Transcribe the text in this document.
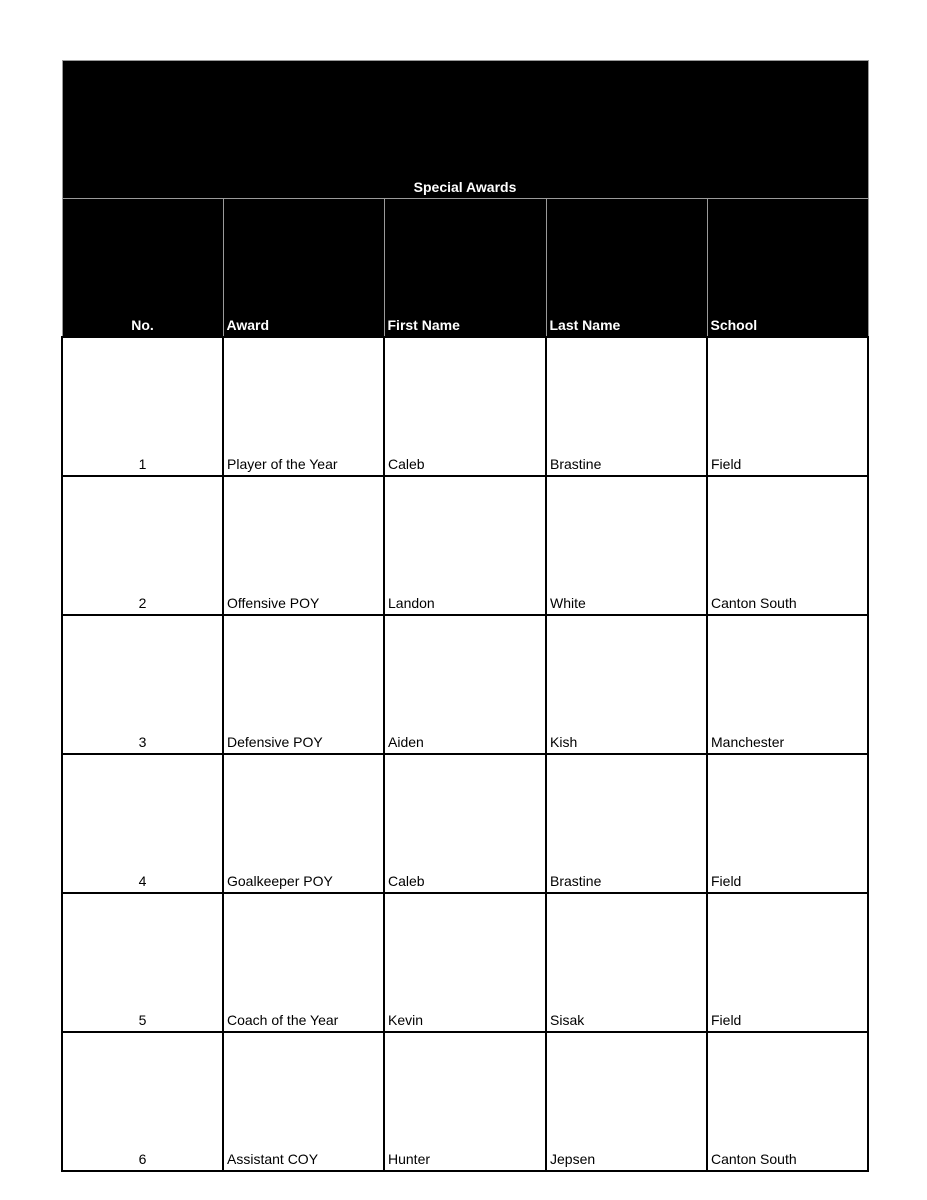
Special Awards				
No.	Award	First Name	Last Name	School
1	Player of the Year	Caleb	Brastine	Field
2	Offensive POY	Landon	White	Canton South
3	Defensive POY	Aiden	Kish	Manchester
4	Goalkeeper POY	Caleb	Brastine	Field
5	Coach of the Year	Kevin	Sisak	Field
6	Assistant COY	Hunter	Jepsen	Canton South
